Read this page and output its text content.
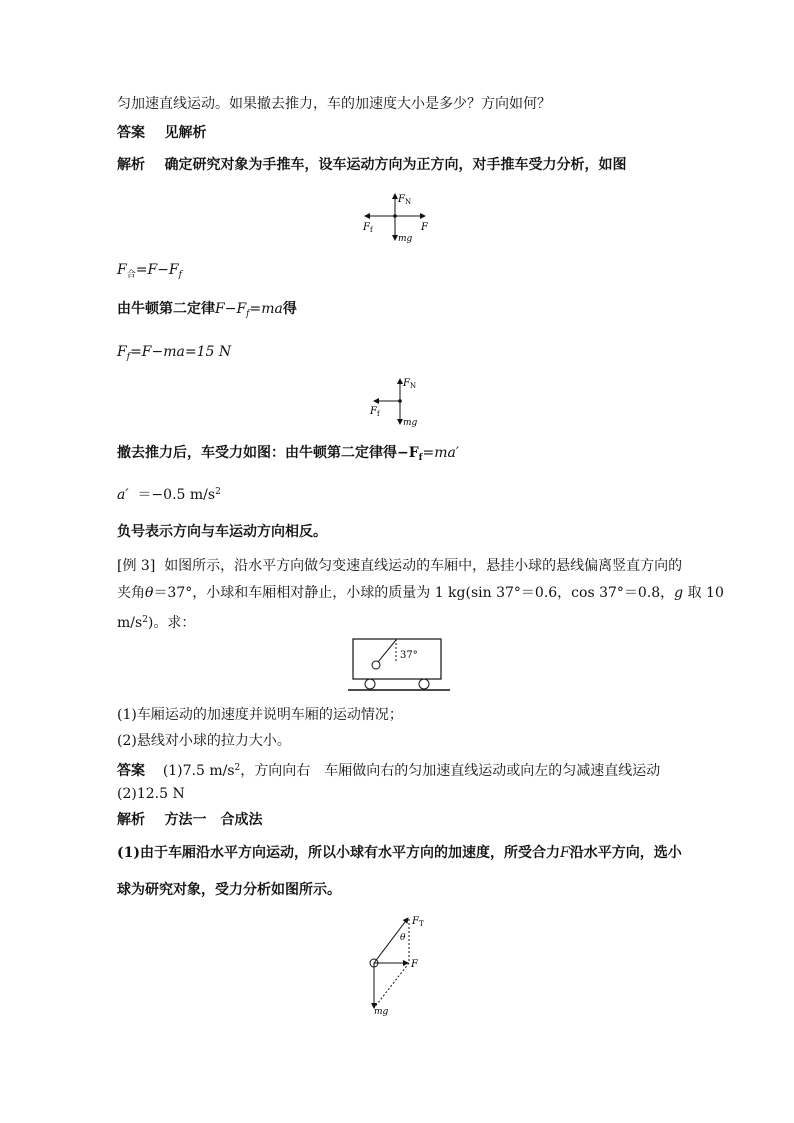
匀加速直线运动。如果撤去推力，车的加速度大小是多少？方向如何？
答案 见解析
解析 确定研究对象为手推车，设车运动方向为正方向，对手推车受力分析，如图
$F_N$
$F_f$	F
mg
$F_合=F-F_f$
由牛顿第二定律$F-F_f=ma$得
$F_f=F-ma=15$ N
$F_N$
$F_f$
mg
撤去推力后，车受力如图：由牛顿第二定律得$-F_f=ma'$
a′ ＝−0.5 $m/s^2$
负号表示方向与车运动方向相反。
[例 3] 如图所示，沿水平方向做匀变速直线运动的车厢中，悬挂小球的悬线偏离竖直方向的
夹角θ＝37°，小球和车厢相对静止，小球的质量为 1 kg(sin 37°＝0.6，cos 37°＝0.8，g 取 10
$m/s^2$)。求：
37°
(1)车厢运动的加速度并说明车厢的运动情况；
(2)悬线对小球的拉力大小。
答案 (1)7.5 $m/s^2$，方向向右　车厢做向右的匀加速直线运动或向左的匀减速直线运动
(2)12.5 N
解析 方法一　合成法
(1)由于车厢沿水平方向运动，所以小球有水平方向的加速度，所受合力F沿水平方向，选小
球为研究对象，受力分析如图所示。
$F_T$
θ
F
mg
